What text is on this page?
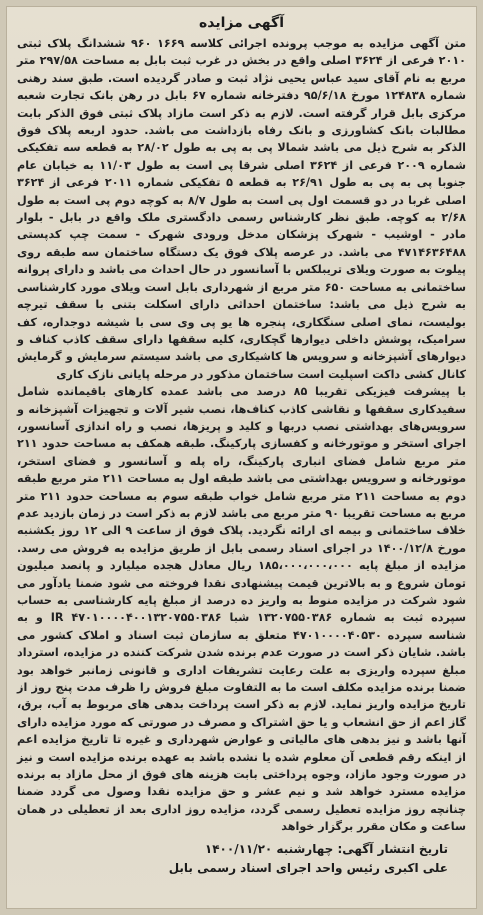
آگهی مزایده

متن آگهی مزایده به موجب پرونده اجرائی کلاسه ۱۶۶۹ ۹۶۰ ششدانگ پلاک ثبتی ۲۰۱۰ فرعی از ۳۶۲۴ اصلی واقع در بخش در غرب ثبت بابل به مساحت ۲۹۷/۵۸ متر مربع به نام آقای سید عباس یحیی نژاد ثبت و صادر گردیده است. طبق سند رهنی شماره ۱۲۴۸۳۸ مورخ ۹۵/۶/۱۸ دفترخانه شماره ۶۷ بابل در رهن بانک تجارت شعبه مرکزی بابل قرار گرفته است. لازم به ذکر است مازاد پلاک ثبتی فوق الذکر بابت مطالبات بانک کشاورزی و بانک رفاه بازداشت می باشد. حدود اربعه پلاک فوق الذکر به شرح ذیل می باشد شمالا پی به پی به طول ۲۸/۰۲ به قطعه سه تفکیکی شماره ۲۰۰۹ فرعی از ۳۶۲۴ اصلی شرقا پی است به طول ۱۱/۰۳ به خیابان عام جنوبا پی به پی به طول ۲۶/۹۱ به قطعه ۵ تفکیکی شماره ۲۰۱۱ فرعی از ۳۶۲۴ اصلی غربا در دو قسمت اول پی است به طول ۸/۷ به کوچه دوم پی است به طول ۲/۶۸ به کوچه. طبق نظر کارشناس رسمی دادگستری ملک واقع در بابل - بلوار مادر - اوشیب - شهرک پزشکان مدخل ورودی شهرک - سمت چپ کدپستی ۴۷۱۴۶۳۶۴۸۸ می باشد. در عرصه پلاک فوق یک دستگاه ساختمان سه طبقه روی پیلوت به صورت ویلای تریبلکس با آسانسور در حال احداث می باشد و دارای پروانه ساختمانی به مساحت ۶۵۰ متر مربع از شهرداری بابل است ویلای مورد کارشناسی به شرح ذیل می باشد: ساختمان احداثی دارای اسکلت بتنی با سقف تیرچه بولیست، نمای اصلی سنگکاری، پنجره ها یو پی وی سی با شیشه دوجداره، کف سرامیک، پوشش داخلی دیوارها گچکاری، کلیه سقفها دارای سقف کاذب کناف و دیوارهای آشپزخانه و سرویس ها کاشیکاری می باشد سیستم سرمایش و گرمایش کانال کشی داکت اسپلیت است ساختمان مذکور در مرحله پایانی نازک کاری

با پیشرفت فیزیکی تقریبا ۸۵ درصد می باشد عمده کارهای باقیمانده شامل سفیدکاری سقفها و نقاشی کاذب کناف‌ها، نصب شیر آلات و تجهیزات آشپزخانه و سرویس‌های بهداشتی نصب دربها و کلید و پریزها، نصب و راه اندازی آسانسور، اجرای استخر و موتورخانه و کفسازی پارکینگ. طبقه همکف به مساحت حدود ۲۱۱ متر مربع شامل فضای انباری پارکینگ، راه پله و آسانسور و فضای استخر، موتورخانه و سرویس بهداشتی می باشد طبقه اول به مساحت ۲۱۱ متر مربع طبقه دوم به مساحت ۲۱۱ متر مربع شامل خواب طبقه سوم به مساحت حدود ۲۱۱ متر مربع به مساحت تقریبا ۹۰ متر مربع می باشد لازم به ذکر است در زمان بازدید عدم خلاف ساختمانی و بیمه ای ارائه نگردید. پلاک فوق از ساعت ۹ الی ۱۲ روز یکشنبه مورخ ۱۴۰۰/۱۲/۸ در اجرای اسناد رسمی بابل از طریق مزایده به فروش می رسد. مزایده از مبلغ پایه ۱۸۵،۰۰۰،۰۰۰،۰۰۰ ریال معادل هجده میلیارد و پانصد میلیون تومان شروع و به بالاترین قیمت پیشنهادی نقدا فروخته می شود ضمنا یادآور می شود شرکت در مزایده منوط به واریز ده درصد از مبلغ پایه کارشناسی به حساب سپرده ثبت به شماره ۱۳۲۰۷۵۵۰۳۸۶ شبا ۴۷۰۱۰۰۰۰۴۰۰۱۳۲۰۷۵۵۰۳۸۶ IR و به شناسه سپرده ۴۷۰۱۰۰۰۰۴۰۵۳۰ متعلق به سازمان ثبت اسناد و املاک کشور می باشد. شایان ذکر است در صورت عدم برنده شدن شرکت کننده در مزایده، استرداد مبلغ سپرده واریزی به علت رعایت تشریفات اداری و قانونی زمانبر خواهد بود ضمنا برنده مزایده مکلف است ما به التفاوت مبلغ فروش را ظرف مدت پنج روز از تاریخ مزایده واریز نماید. لازم به ذکر است پرداخت بدهی های مربوط به آب، برق، گاز اعم از حق انشعاب و یا حق اشتراک و مصرف در صورتی که مورد مزایده دارای آنها باشد و نیز بدهی های مالیاتی و عوارض شهرداری و غیره تا تاریخ مزایده اعم از اینکه رقم قطعی آن معلوم شده یا نشده باشد به عهده برنده مزایده است و نیز در صورت وجود مازاد، وجوه پرداختی بابت هزینه های فوق از محل مازاد به برنده مزایده مسترد خواهد شد و نیم عشر و حق مزایده نقدا وصول می گردد ضمنا چنانچه روز مزایده تعطیل رسمی گردد، مزایده روز اداری بعد از تعطیلی در همان ساعت و مکان مقرر برگزار خواهد

تاریخ انتشار آگهی: چهارشنبه ۱۴۰۰/۱۱/۲۰
علی اکبری رئیس واحد اجرای اسناد رسمی بابل
